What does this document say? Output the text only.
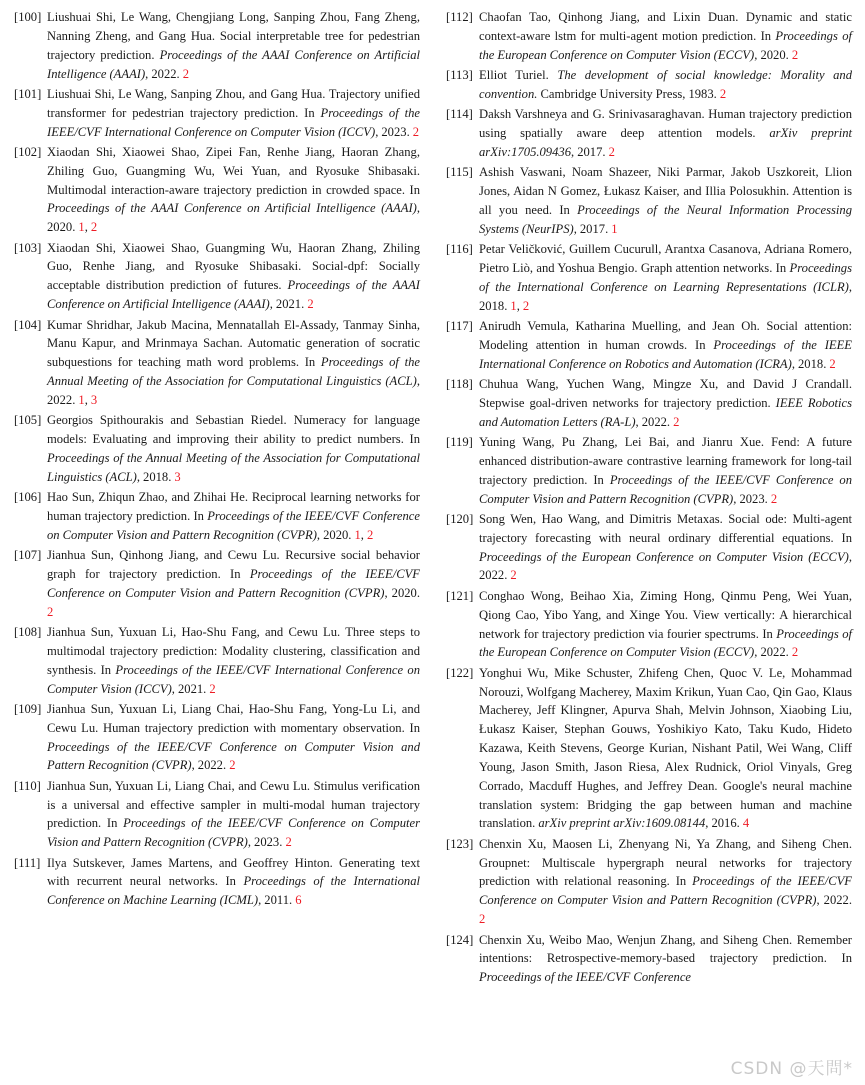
[100] Liushuai Shi, Le Wang, Chengjiang Long, Sanping Zhou, Fang Zheng, Nanning Zheng, and Gang Hua. Social interpretable tree for pedestrian trajectory prediction. Proceedings of the AAAI Conference on Artificial Intelligence (AAAI), 2022. 2
[101] Liushuai Shi, Le Wang, Sanping Zhou, and Gang Hua. Trajectory unified transformer for pedestrian trajectory prediction. In Proceedings of the IEEE/CVF International Conference on Computer Vision (ICCV), 2023. 2
[102] Xiaodan Shi, Xiaowei Shao, Zipei Fan, Renhe Jiang, Haoran Zhang, Zhiling Guo, Guangming Wu, Wei Yuan, and Ryosuke Shibasaki. Multimodal interaction-aware trajectory prediction in crowded space. In Proceedings of the AAAI Conference on Artificial Intelligence (AAAI), 2020. 1, 2
[103] Xiaodan Shi, Xiaowei Shao, Guangming Wu, Haoran Zhang, Zhiling Guo, Renhe Jiang, and Ryosuke Shibasaki. Social-dpf: Socially acceptable distribution prediction of futures. Proceedings of the AAAI Conference on Artificial Intelligence (AAAI), 2021. 2
[104] Kumar Shridhar, Jakub Macina, Mennatallah El-Assady, Tanmay Sinha, Manu Kapur, and Mrinmaya Sachan. Automatic generation of socratic subquestions for teaching math word problems. In Proceedings of the Annual Meeting of the Association for Computational Linguistics (ACL), 2022. 1, 3
[105] Georgios Spithourakis and Sebastian Riedel. Numeracy for language models: Evaluating and improving their ability to predict numbers. In Proceedings of the Annual Meeting of the Association for Computational Linguistics (ACL), 2018. 3
[106] Hao Sun, Zhiqun Zhao, and Zhihai He. Reciprocal learning networks for human trajectory prediction. In Proceedings of the IEEE/CVF Conference on Computer Vision and Pattern Recognition (CVPR), 2020. 1, 2
[107] Jianhua Sun, Qinhong Jiang, and Cewu Lu. Recursive social behavior graph for trajectory prediction. In Proceedings of the IEEE/CVF Conference on Computer Vision and Pattern Recognition (CVPR), 2020. 2
[108] Jianhua Sun, Yuxuan Li, Hao-Shu Fang, and Cewu Lu. Three steps to multimodal trajectory prediction: Modality clustering, classification and synthesis. In Proceedings of the IEEE/CVF International Conference on Computer Vision (ICCV), 2021. 2
[109] Jianhua Sun, Yuxuan Li, Liang Chai, Hao-Shu Fang, Yong-Lu Li, and Cewu Lu. Human trajectory prediction with momentary observation. In Proceedings of the IEEE/CVF Conference on Computer Vision and Pattern Recognition (CVPR), 2022. 2
[110] Jianhua Sun, Yuxuan Li, Liang Chai, and Cewu Lu. Stimulus verification is a universal and effective sampler in multi-modal human trajectory prediction. In Proceedings of the IEEE/CVF Conference on Computer Vision and Pattern Recognition (CVPR), 2023. 2
[111] Ilya Sutskever, James Martens, and Geoffrey Hinton. Generating text with recurrent neural networks. In Proceedings of the International Conference on Machine Learning (ICML), 2011. 6
[112] Chaofan Tao, Qinhong Jiang, and Lixin Duan. Dynamic and static context-aware lstm for multi-agent motion prediction. In Proceedings of the European Conference on Computer Vision (ECCV), 2020. 2
[113] Elliot Turiel. The development of social knowledge: Morality and convention. Cambridge University Press, 1983. 2
[114] Daksh Varshneya and G. Srinivasaraghavan. Human trajectory prediction using spatially aware deep attention models. arXiv preprint arXiv:1705.09436, 2017. 2
[115] Ashish Vaswani, Noam Shazeer, Niki Parmar, Jakob Uszkoreit, Llion Jones, Aidan N Gomez, Łukasz Kaiser, and Illia Polosukhin. Attention is all you need. In Proceedings of the Neural Information Processing Systems (NeurIPS), 2017. 1
[116] Petar Veličković, Guillem Cucurull, Arantxa Casanova, Adriana Romero, Pietro Liò, and Yoshua Bengio. Graph attention networks. In Proceedings of the International Conference on Learning Representations (ICLR), 2018. 1, 2
[117] Anirudh Vemula, Katharina Muelling, and Jean Oh. Social attention: Modeling attention in human crowds. In Proceedings of the IEEE International Conference on Robotics and Automation (ICRA), 2018. 2
[118] Chuhua Wang, Yuchen Wang, Mingze Xu, and David J Crandall. Stepwise goal-driven networks for trajectory prediction. IEEE Robotics and Automation Letters (RA-L), 2022. 2
[119] Yuning Wang, Pu Zhang, Lei Bai, and Jianru Xue. Fend: A future enhanced distribution-aware contrastive learning framework for long-tail trajectory prediction. In Proceedings of the IEEE/CVF Conference on Computer Vision and Pattern Recognition (CVPR), 2023. 2
[120] Song Wen, Hao Wang, and Dimitris Metaxas. Social ode: Multi-agent trajectory forecasting with neural ordinary differential equations. In Proceedings of the European Conference on Computer Vision (ECCV), 2022. 2
[121] Conghao Wong, Beihao Xia, Ziming Hong, Qinmu Peng, Wei Yuan, Qiong Cao, Yibo Yang, and Xinge You. View vertically: A hierarchical network for trajectory prediction via fourier spectrums. In Proceedings of the European Conference on Computer Vision (ECCV), 2022. 2
[122] Yonghui Wu, Mike Schuster, Zhifeng Chen, Quoc V. Le, Mohammad Norouzi, Wolfgang Macherey, Maxim Krikun, Yuan Cao, Qin Gao, Klaus Macherey, Jeff Klingner, Apurva Shah, Melvin Johnson, Xiaobing Liu, Łukasz Kaiser, Stephan Gouws, Yoshikiyo Kato, Taku Kudo, Hideto Kazawa, Keith Stevens, George Kurian, Nishant Patil, Wei Wang, Cliff Young, Jason Smith, Jason Riesa, Alex Rudnick, Oriol Vinyals, Greg Corrado, Macduff Hughes, and Jeffrey Dean. Google's neural machine translation system: Bridging the gap between human and machine translation. arXiv preprint arXiv:1609.08144, 2016. 4
[123] Chenxin Xu, Maosen Li, Zhenyang Ni, Ya Zhang, and Siheng Chen. Groupnet: Multiscale hypergraph neural networks for trajectory prediction with relational reasoning. In Proceedings of the IEEE/CVF Conference on Computer Vision and Pattern Recognition (CVPR), 2022. 2
[124] Chenxin Xu, Weibo Mao, Wenjun Zhang, and Siheng Chen. Remember intentions: Retrospective-memory-based trajectory prediction. In Proceedings of the IEEE/CVF Conference
CSDN @天問*
